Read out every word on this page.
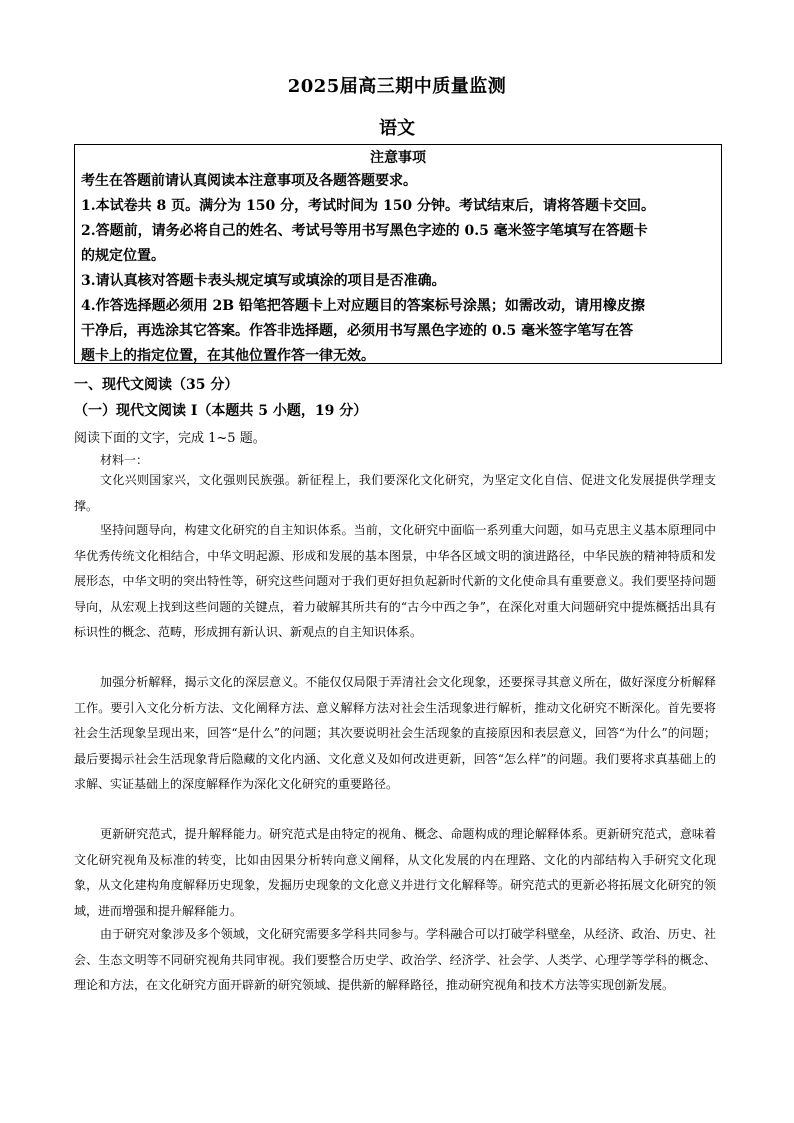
2025届高三期中质量监测
语文
注意事项
考生在答题前请认真阅读本注意事项及各题答题要求。
1.本试卷共 8 页。满分为 150 分，考试时间为 150 分钟。考试结束后，请将答题卡交回。
2.答题前，请务必将自己的姓名、考试号等用书写黑色字迹的 0.5 毫米签字笔填写在答题卡
的规定位置。
3.请认真核对答题卡表头规定填写或填涂的项目是否准确。
4.作答选择题必须用 2B 铅笔把答题卡上对应题目的答案标号涂黑；如需改动，请用橡皮擦
干净后，再选涂其它答案。作答非选择题，必须用书写黑色字迹的 0.5 毫米签字笔写在答
题卡上的指定位置，在其他位置作答一律无效。
一、现代文阅读（35 分）
（一）现代文阅读 I（本题共 5 小题，19 分）
阅读下面的文字，完成 1~5 题。
材料一：

文化兴则国家兴，文化强则民族强。新征程上，我们要深化文化研究，为坚定文化自信、促进文化发展提供学理支撑。

坚持问题导向，构建文化研究的自主知识体系。当前，文化研究中面临一系列重大问题，如马克思主义基本原理同中华优秀传统文化相结合，中华文明起源、形成和发展的基本图景，中华各区域文明的演进路径，中华民族的精神特质和发展形态，中华文明的突出特性等，研究这些问题对于我们更好担负起新时代新的文化使命具有重要意义。我们要坚持问题导向，从宏观上找到这些问题的关键点，着力破解其所共有的“古今中西之争”，在深化对重大问题研究中提炼概括出具有标识性的概念、范畴，形成拥有新认识、新观点的自主知识体系。

加强分析解释，揭示文化的深层意义。不能仅仅局限于弄清社会文化现象，还要探寻其意义所在，做好深度分析解释工作。要引入文化分析方法、文化阐释方法、意义解释方法对社会生活现象进行解析，推动文化研究不断深化。首先要将社会生活现象呈现出来，回答“是什么”的问题；其次要说明社会生活现象的直接原因和表层意义，回答“为什么”的问题；最后要揭示社会生活现象背后隐藏的文化内涵、文化意义及如何改进更新，回答“怎么样”的问题。我们要将求真基础上的求解、实证基础上的深度解释作为深化文化研究的重要路径。

更新研究范式，提升解释能力。研究范式是由特定的视角、概念、命题构成的理论解释体系。更新研究范式，意味着文化研究视角及标准的转变，比如由因果分析转向意义阐释，从文化发展的内在理路、文化的内部结构入手研究文化现象，从文化建构角度解释历史现象，发掘历史现象的文化意义并进行文化解释等。研究范式的更新必将拓展文化研究的领域，进而增强和提升解释能力。

由于研究对象涉及多个领域，文化研究需要多学科共同参与。学科融合可以打破学科壁垒，从经济、政治、历史、社会、生态文明等不同研究视角共同审视。我们要整合历史学、政治学、经济学、社会学、人类学、心理学等学科的概念、理论和方法，在文化研究方面开辟新的研究领域、提供新的解释路径，推动研究视角和技术方法等实现创新发展。
